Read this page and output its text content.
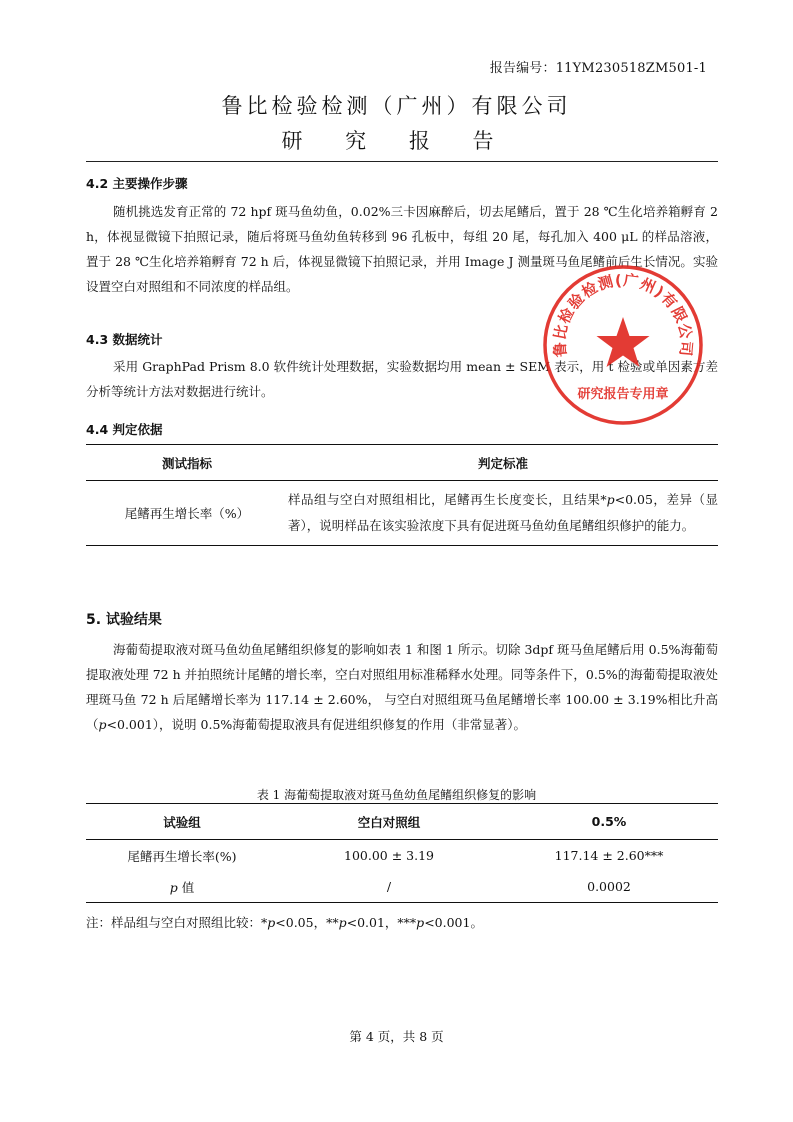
报告编号：11YM230518ZM501-1
鲁比检验检测（广州）有限公司
研 究 报 告
4.2 主要操作步骤

随机挑选发育正常的 72 hpf 斑马鱼幼鱼，0.02%三卡因麻醉后，切去尾鳍后，置于 28 ℃生化培养箱孵育 2 h，体视显微镜下拍照记录，随后将斑马鱼幼鱼转移到 96 孔板中，每组 20 尾，每孔加入 400 μL 的样品溶液，置于 28 ℃生化培养箱孵育 72 h 后，体视显微镜下拍照记录，并用 Image J 测量斑马鱼尾鳍前后生长情况。实验设置空白对照组和不同浓度的样品组。

4.3 数据统计

采用 GraphPad Prism 8.0 软件统计处理数据，实验数据均用 mean ± SEM 表示，用 t 检验或单因素方差分析等统计方法对数据进行统计。

4.4 判定依据
测试指标	判定标准
尾鳍再生增长率（%）	样品组与空白对照组相比，尾鳍再生长度变长，且结果*p<0.05，差异（显著），说明样品在该实验浓度下具有促进斑马鱼幼鱼尾鳍组织修护的能力。
5. 试验结果

海葡萄提取液对斑马鱼幼鱼尾鳍组织修复的影响如表 1 和图 1 所示。切除 3dpf 斑马鱼尾鳍后用 0.5%海葡萄提取液处理 72 h 并拍照统计尾鳍的增长率，空白对照组用标准稀释水处理。同等条件下，0.5%的海葡萄提取液处理斑马鱼 72 h 后尾鳍增长率为 117.14 ± 2.60%， 与空白对照组斑马鱼尾鳍增长率 100.00 ± 3.19%相比升高（p<0.001），说明 0.5%海葡萄提取液具有促进组织修复的作用（非常显著）。

表 1 海葡萄提取液对斑马鱼幼鱼尾鳍组织修复的影响
试验组	空白对照组	0.5%
尾鳍再生增长率(%)	100.00 ± 3.19	117.14 ± 2.60***
p 值	/	0.0002
注：样品组与空白对照组比较：*p<0.05，**p<0.01，***p<0.001。
第 4 页，共 8 页
鲁比检验检测(广州)有限公司
研究报告专用章
